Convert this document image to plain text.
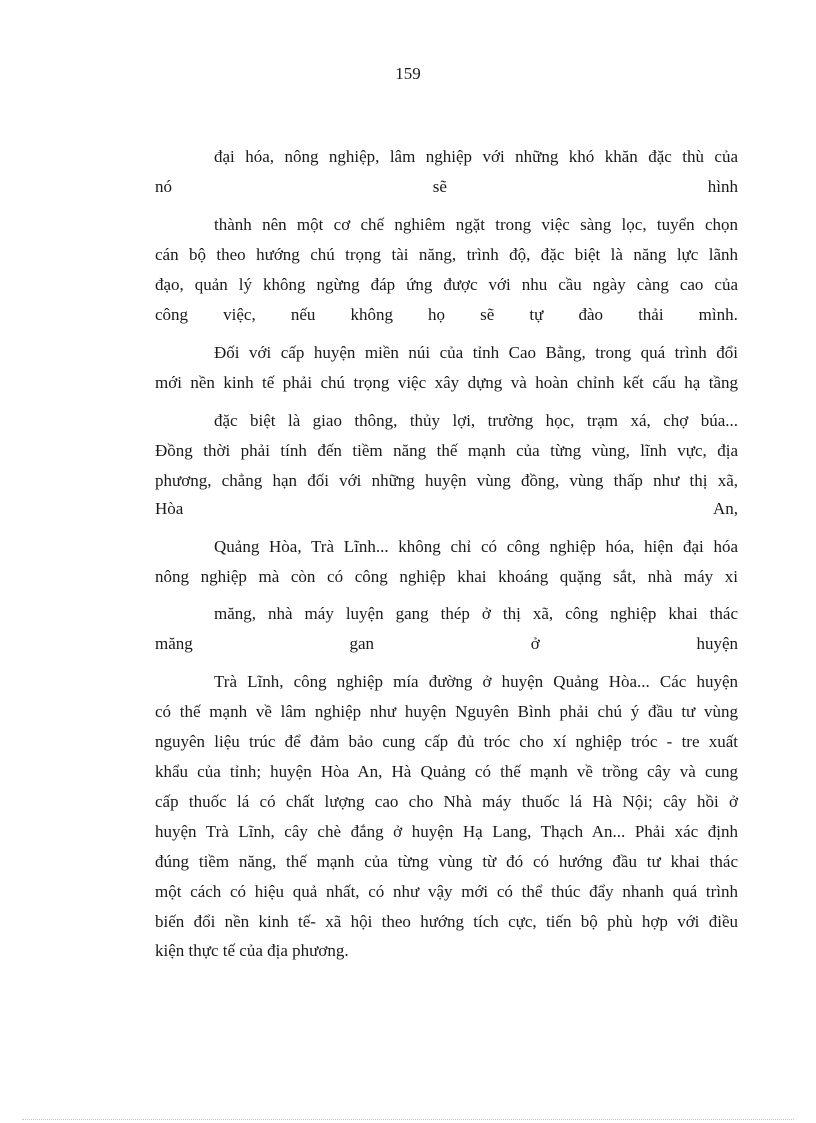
159
đại hóa, nông nghiệp, lâm nghiệp với những khó khăn đặc thù của
nó	sẽ	hình
thành nên một cơ chế nghiêm ngặt trong việc sàng lọc, tuyển chọn
cán bộ theo hướng chú trọng tài năng, trình độ, đặc biệt là năng lực lãnh
đạo, quản lý không ngừng đáp ứng được với nhu cầu ngày càng cao của
công việc, nếu không họ sẽ tự đào thải mình.
Đối với cấp huyện miền núi của tỉnh Cao Bằng, trong quá trình đổi
mới nền kinh tế phải chú trọng việc xây dựng và hoàn chỉnh kết cấu hạ tầng
đặc biệt là giao thông, thủy lợi, trường học, trạm xá, chợ búa...
Đồng thời phải tính đến tiềm năng thế mạnh của từng vùng, lĩnh vực, địa
phương, chẳng hạn đối với những huyện vùng đồng, vùng thấp như thị xã,
Hòa	An,
Quảng Hòa, Trà Lĩnh... không chỉ có công nghiệp hóa, hiện đại hóa
nông nghiệp mà còn có công nghiệp khai khoáng quặng sắt, nhà máy xi
măng, nhà máy luyện gang thép ở thị xã, công nghiệp khai thác
măng	gan	ở	huyện
Trà Lĩnh, công nghiệp mía đường ở huyện Quảng Hòa... Các huyện
có thế mạnh về lâm nghiệp như huyện Nguyên Bình phải chú ý đầu tư vùng
nguyên liệu trúc để đảm bảo cung cấp đủ tróc cho xí nghiệp tróc - tre xuất
khẩu của tỉnh; huyện Hòa An, Hà Quảng có thế mạnh về trồng cây và cung
cấp thuốc lá có chất lượng cao cho Nhà máy thuốc lá Hà Nội; cây hồi ở
huyện Trà Lĩnh, cây chè đắng ở huyện Hạ Lang, Thạch An... Phải xác định
đúng tiềm năng, thế mạnh của từng vùng từ đó có hướng đầu tư khai thác
một cách có hiệu quả nhất, có như vậy mới có thể thúc đẩy nhanh quá trình
biến đổi nền kinh tế- xã hội theo hướng tích cực, tiến bộ phù hợp với điều
kiện thực tế của địa phương.
